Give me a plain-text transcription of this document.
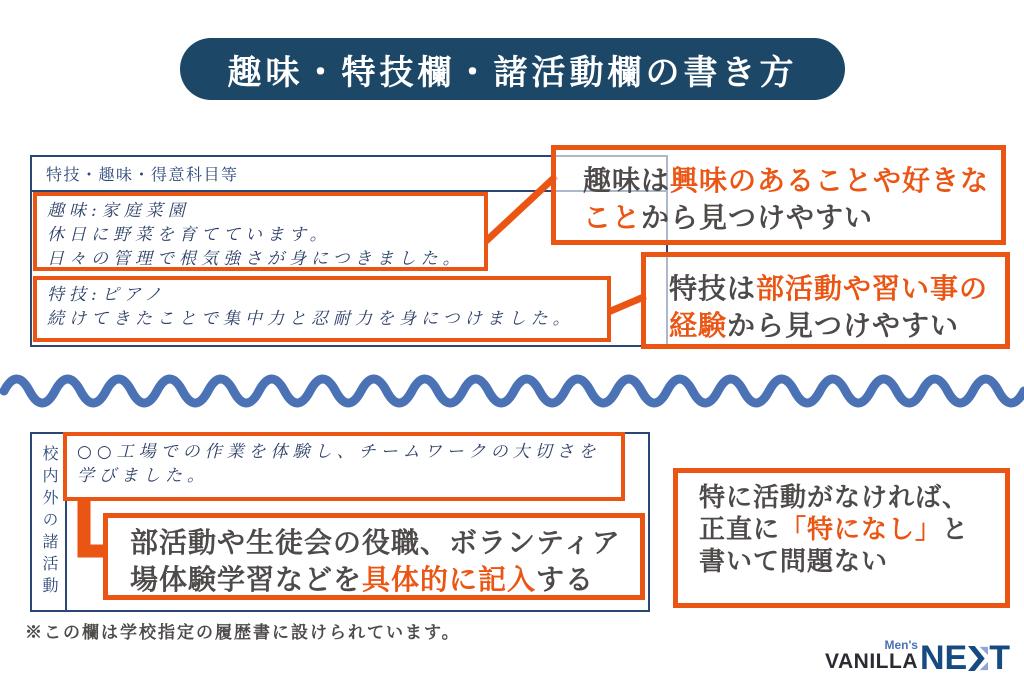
趣味・特技欄・諸活動欄の書き方
特技・趣味・得意科目等
校内外の諸活動
趣味:家庭菜園
休日に野菜を育てています。
日々の管理で根気強さが身につきました。
特技:ピアノ
続けてきたことで集中力と忍耐力を身につけました。
○○工場での作業を体験し、チームワークの大切さを
学びました。
趣味は興味のあることや好きな
ことから見つけやすい
特技は部活動や習い事の
経験から見つけやすい
部活動や生徒会の役職、ボランティア
場体験学習などを具体的に記入する
特に活動がなければ、
正直に「特になし」と
書いて問題ない
※この欄は学校指定の履歴書に設けられています。
Men's
VANILLA NE T
